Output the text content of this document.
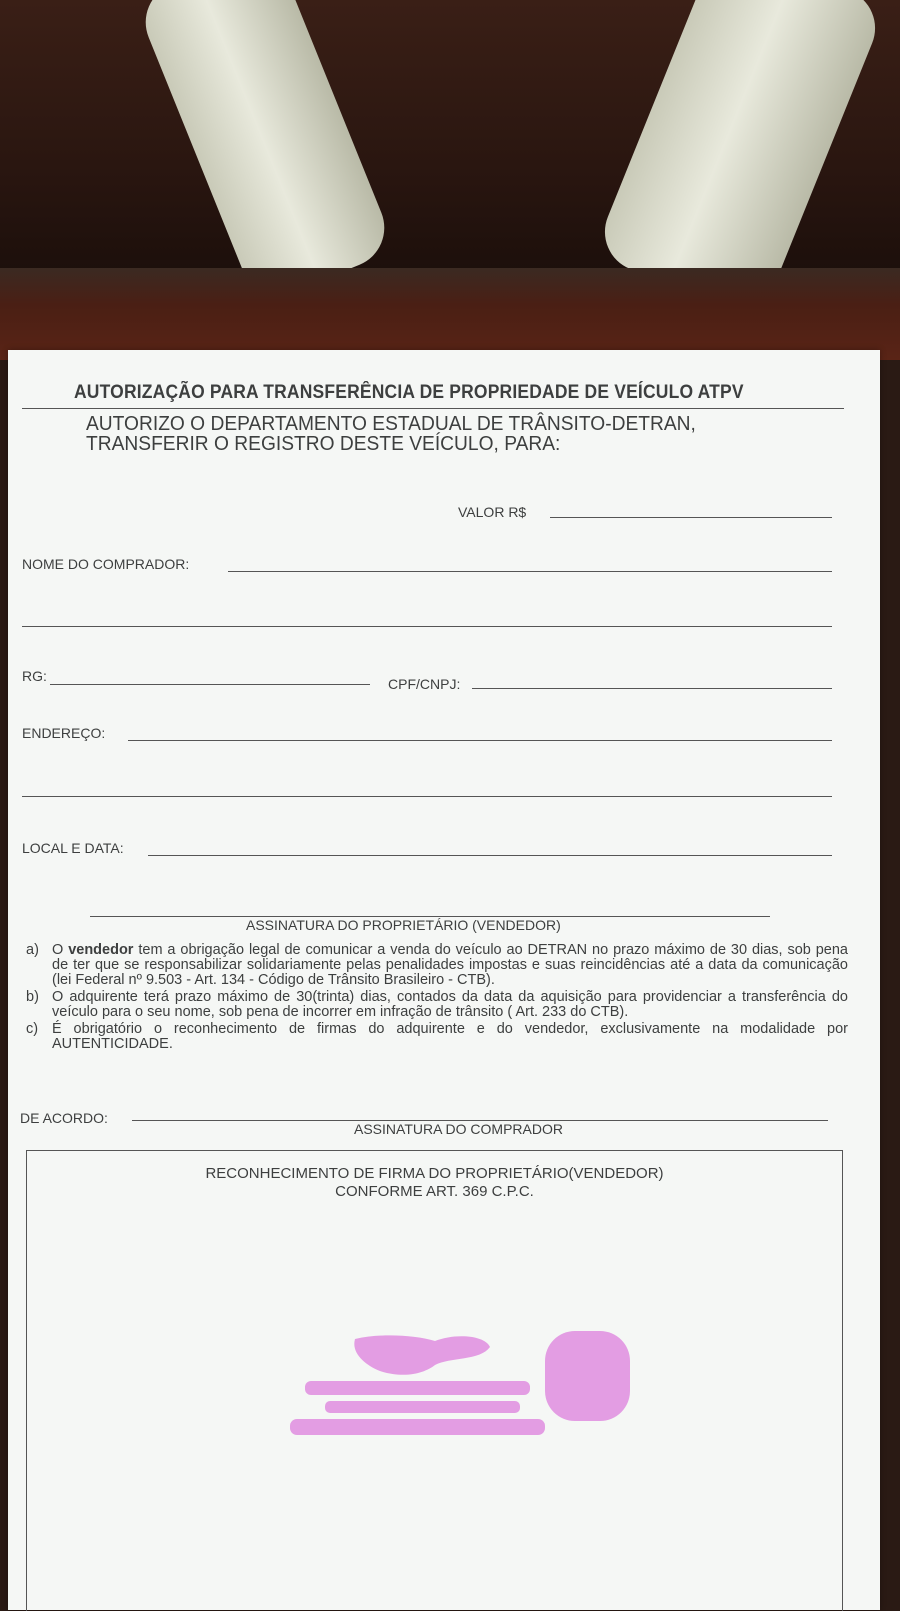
AUTORIZAÇÃO PARA TRANSFERÊNCIA DE PROPRIEDADE DE VEÍCULO ATPV
AUTORIZO O DEPARTAMENTO ESTADUAL DE TRÂNSITO-DETRAN,
TRANSFERIR O REGISTRO DESTE VEÍCULO, PARA:
VALOR R$
NOME DO COMPRADOR:
RG:	CPF/CNPJ:
ENDEREÇO:
LOCAL E DATA:
ASSINATURA DO PROPRIETÁRIO (VENDEDOR)
a) O vendedor tem a obrigação legal de comunicar a venda do veículo ao DETRAN no prazo máximo de 30 dias, sob pena de ter que se responsabilizar solidariamente pelas penalidades impostas e suas reincidências até a data da comunicação (lei Federal nº 9.503 - Art. 134 - Código de Trânsito Brasileiro - CTB).
b) O adquirente terá prazo máximo de 30(trinta) dias, contados da data da aquisição para providenciar a transferência do veículo para o seu nome, sob pena de incorrer em infração de trânsito ( Art. 233 do CTB).
c) É obrigatório o reconhecimento de firmas do adquirente e do vendedor, exclusivamente na modalidade por AUTENTICIDADE.
DE ACORDO:
ASSINATURA DO COMPRADOR
RECONHECIMENTO DE FIRMA DO PROPRIETÁRIO(VENDEDOR)
CONFORME ART. 369 C.P.C.
